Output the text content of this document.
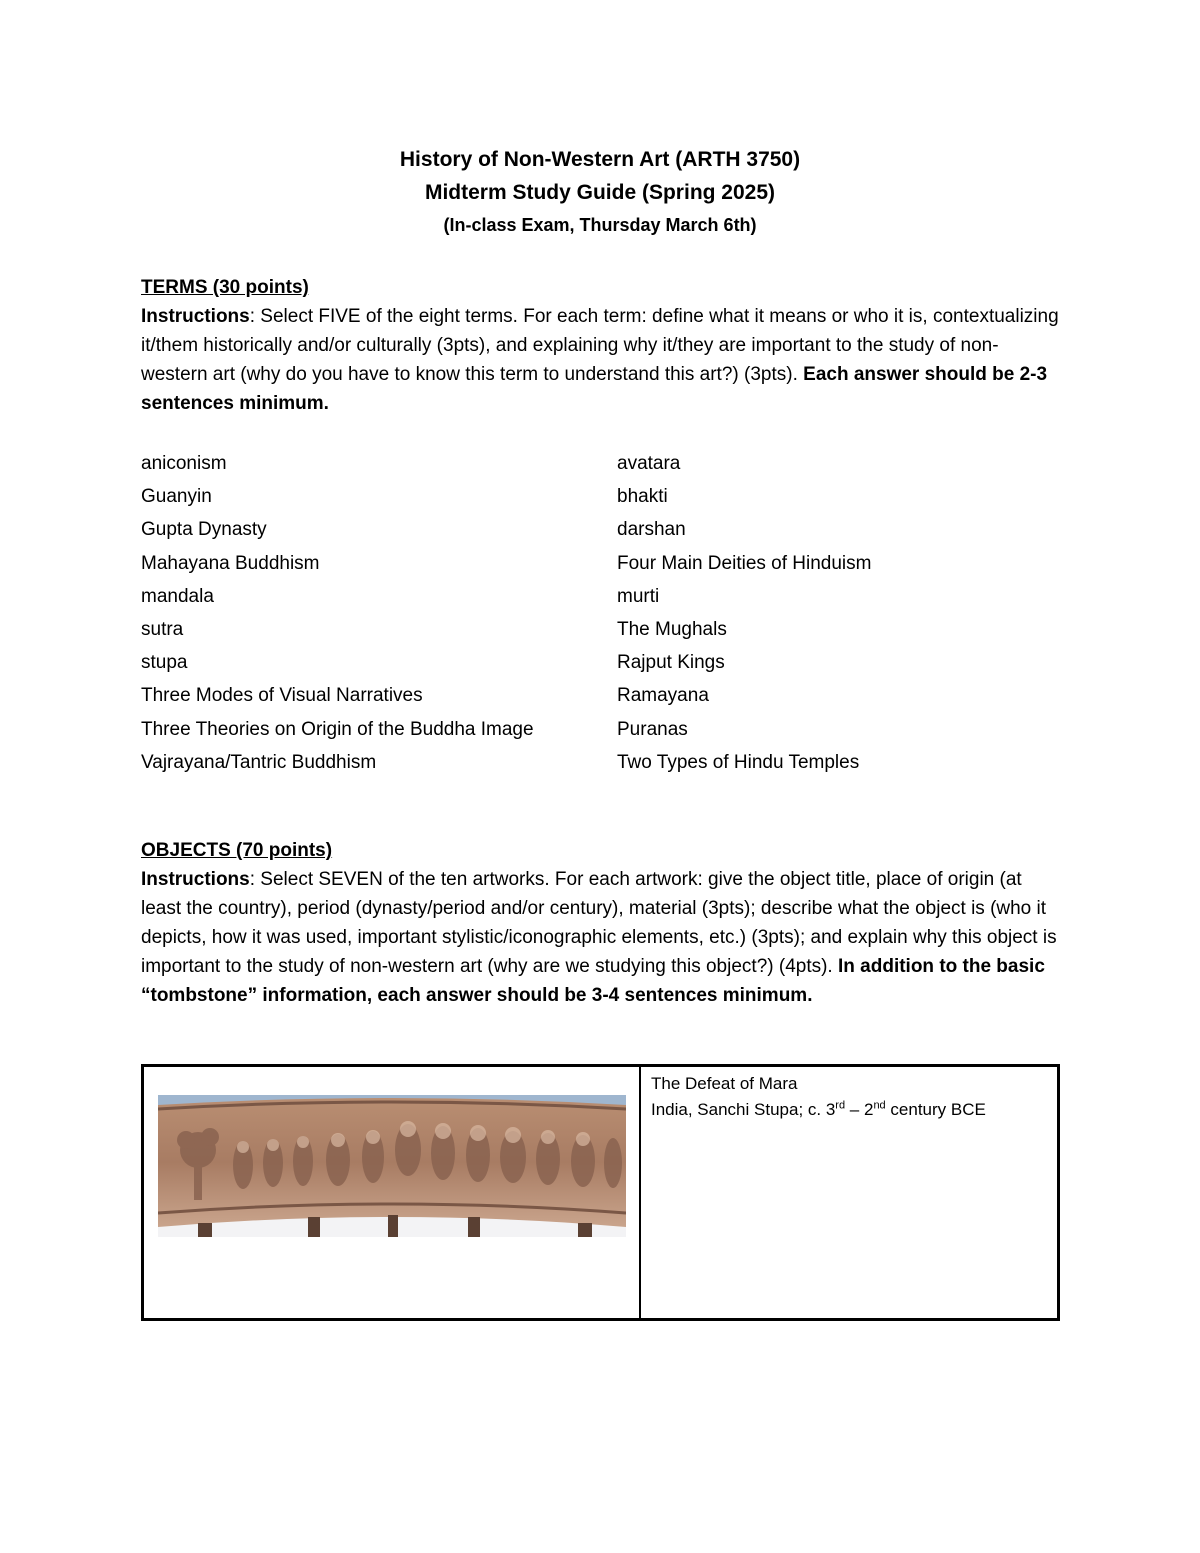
History of Non-Western Art (ARTH 3750)
Midterm Study Guide (Spring 2025)
(In-class Exam, Thursday March 6th)
TERMS (30 points)
Instructions: Select FIVE of the eight terms. For each term: define what it means or who it is, contextualizing it/them historically and/or culturally (3pts), and explaining why it/they are important to the study of non-western art (why do you have to know this term to understand this art?) (3pts). Each answer should be 2-3 sentences minimum.
aniconism
Guanyin
Gupta Dynasty
Mahayana Buddhism
mandala
sutra
stupa
Three Modes of Visual Narratives
Three Theories on Origin of the Buddha Image
Vajrayana/Tantric Buddhism
avatara
bhakti
darshan
Four Main Deities of Hinduism
murti
The Mughals
Rajput Kings
Ramayana
Puranas
Two Types of Hindu Temples
OBJECTS (70 points)
Instructions: Select SEVEN of the ten artworks. For each artwork: give the object title, place of origin (at least the country), period (dynasty/period and/or century), material (3pts); describe what the object is (who it depicts, how it was used, important stylistic/iconographic elements, etc.) (3pts); and explain why this object is important to the study of non-western art (why are we studying this object?) (4pts). In addition to the basic “tombstone” information, each answer should be 3-4 sentences minimum.
The Defeat of Mara
India, Sanchi Stupa; c. 3rd – 2nd century BCE
